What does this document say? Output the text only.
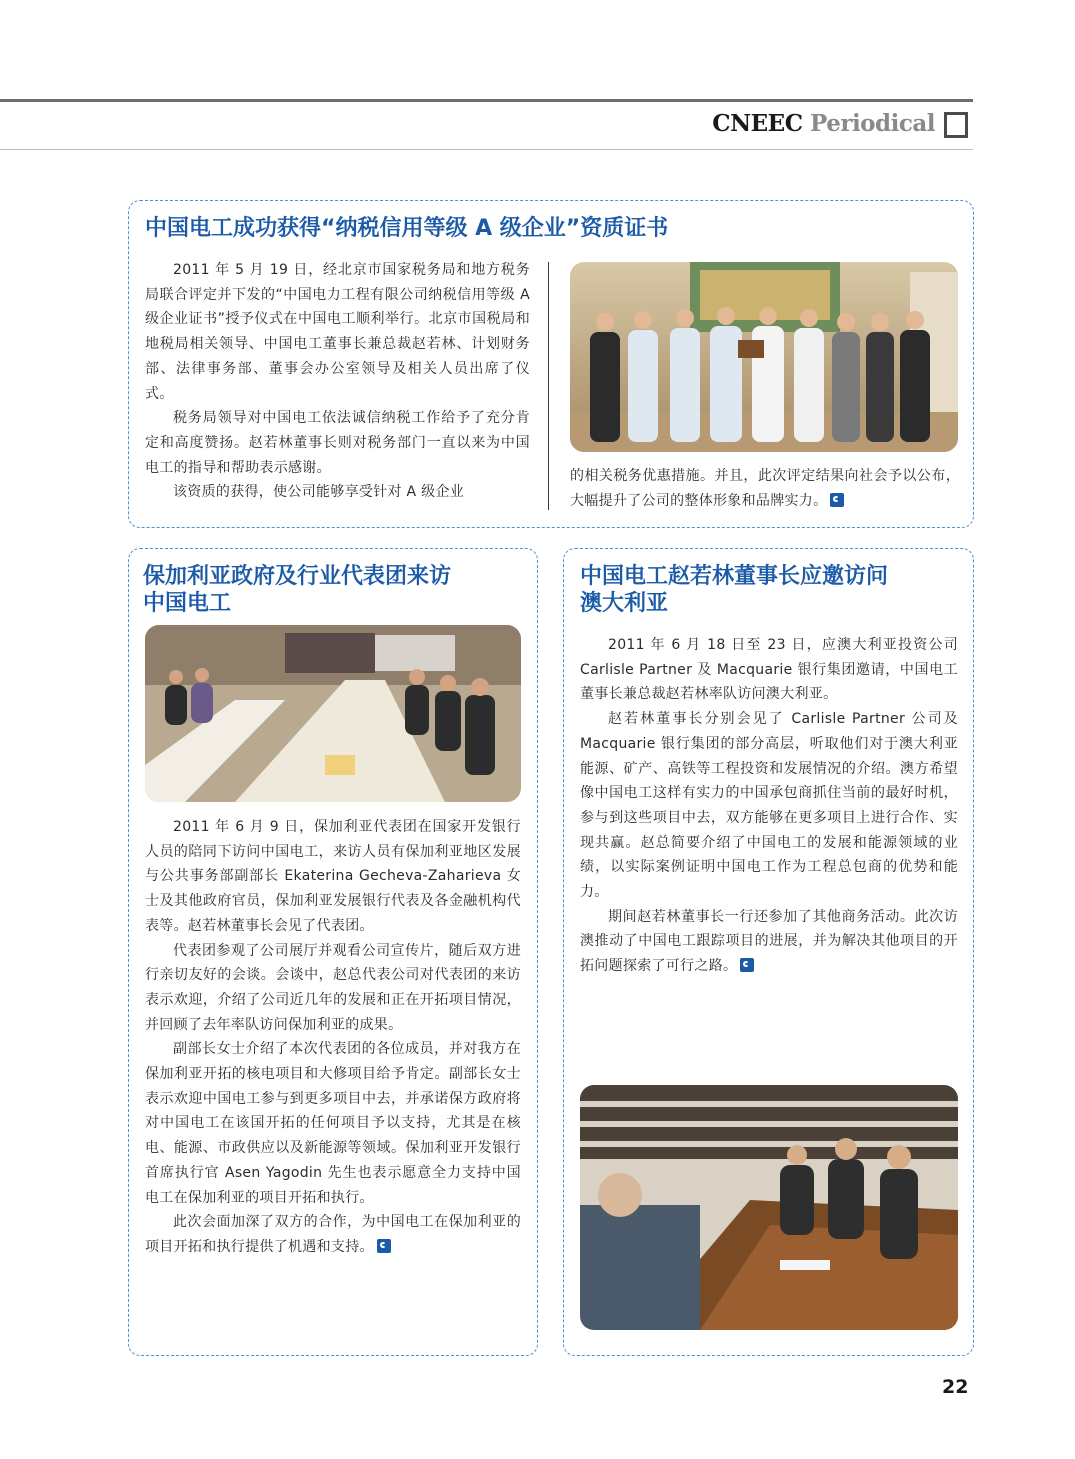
CNEEC Periodical
中国电工成功获得“纳税信用等级 A 级企业”资质证书

2011 年 5 月 19 日，经北京市国家税务局和地方税务局联合评定并下发的“中国电力工程有限公司纳税信用等级 A 级企业证书”授予仪式在中国电工顺利举行。北京市国税局和地税局相关领导、中国电工董事长兼总裁赵若林、计划财务部、法律事务部、董事会办公室领导及相关人员出席了仪式。

税务局领导对中国电工依法诚信纳税工作给予了充分肯定和高度赞扬。赵若林董事长则对税务部门一直以来为中国电工的指导和帮助表示感谢。

该资质的获得，使公司能够享受针对 A 级企业

的相关税务优惠措施。并且，此次评定结果向社会予以公布，大幅提升了公司的整体形象和品牌实力。

保加利亚政府及行业代表团来访
中国电工

2011 年 6 月 9 日，保加利亚代表团在国家开发银行人员的陪同下访问中国电工，来访人员有保加利亚地区发展与公共事务部副部长 Ekaterina Gecheva-Zaharieva 女士及其他政府官员，保加利亚发展银行代表及各金融机构代表等。赵若林董事长会见了代表团。

代表团参观了公司展厅并观看公司宣传片，随后双方进行亲切友好的会谈。会谈中，赵总代表公司对代表团的来访表示欢迎，介绍了公司近几年的发展和正在开拓项目情况，并回顾了去年率队访问保加利亚的成果。

副部长女士介绍了本次代表团的各位成员，并对我方在保加利亚开拓的核电项目和大修项目给予肯定。副部长女士表示欢迎中国电工参与到更多项目中去，并承诺保方政府将对中国电工在该国开拓的任何项目予以支持，尤其是在核电、能源、市政供应以及新能源等领域。保加利亚开发银行首席执行官 Asen Yagodin 先生也表示愿意全力支持中国电工在保加利亚的项目开拓和执行。

此次会面加深了双方的合作，为中国电工在保加利亚的项目开拓和执行提供了机遇和支持。

中国电工赵若林董事长应邀访问
澳大利亚

2011 年 6 月 18 日至 23 日，应澳大利亚投资公司 Carlisle Partner 及 Macquarie 银行集团邀请，中国电工董事长兼总裁赵若林率队访问澳大利亚。

赵若林董事长分别会见了 Carlisle Partner 公司及 Macquarie 银行集团的部分高层，听取他们对于澳大利亚能源、矿产、高铁等工程投资和发展情况的介绍。澳方希望像中国电工这样有实力的中国承包商抓住当前的最好时机，参与到这些项目中去，双方能够在更多项目上进行合作、实现共赢。赵总简要介绍了中国电工的发展和能源领域的业绩，以实际案例证明中国电工作为工程总包商的优势和能力。

期间赵若林董事长一行还参加了其他商务活动。此次访澳推动了中国电工跟踪项目的进展，并为解决其他项目的开拓问题探索了可行之路。

22
